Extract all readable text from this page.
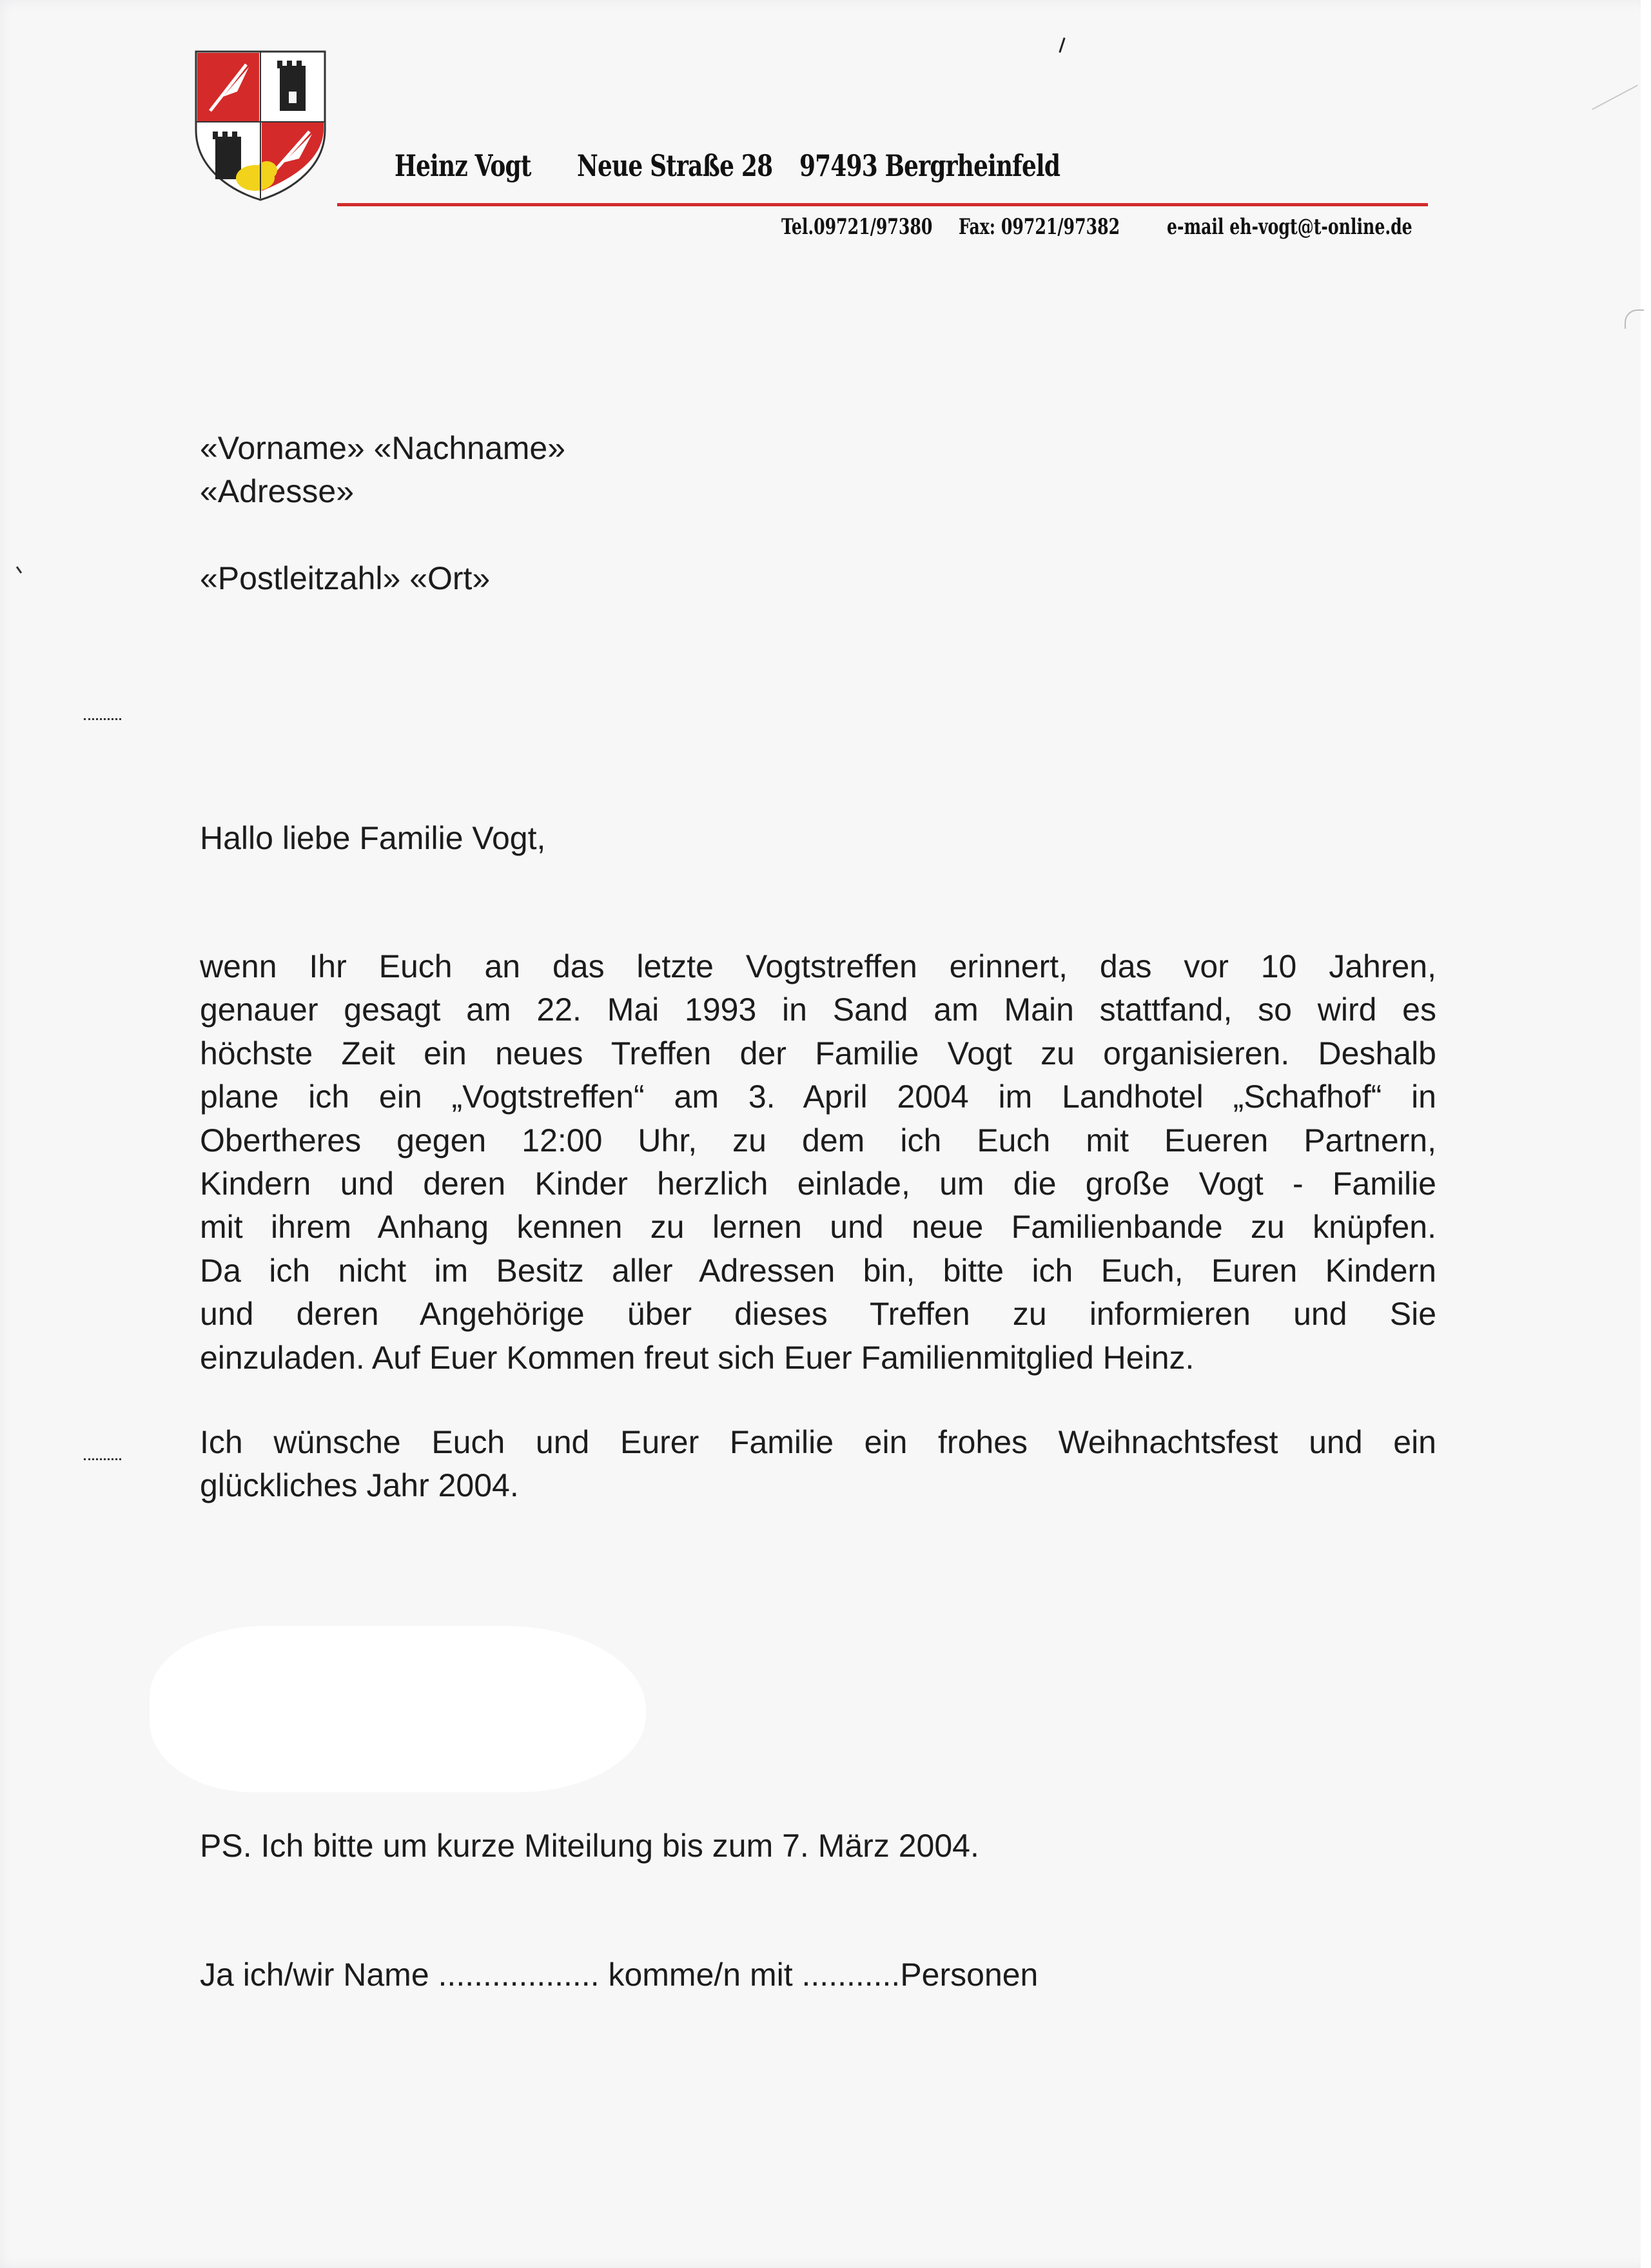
Heinz Vogt Neue Straße 28 97493 Bergrheinfeld
Tel.09721/97380 Fax: 09721/97382 e-mail eh-vogt@t-online.de
«Vorname» «Nachname»
«Adresse»
«Postleitzahl» «Ort»
Hallo liebe Familie Vogt,
wenn Ihr Euch an das letzte Vogtstreffen erinnert, das vor 10 Jahren,
genauer gesagt am 22. Mai 1993 in Sand am Main stattfand, so wird es
höchste Zeit ein neues Treffen der Familie Vogt zu organisieren. Deshalb
plane ich ein „Vogtstreffen“ am 3. April 2004 im Landhotel „Schafhof“ in
Obertheres gegen 12:00 Uhr, zu dem ich Euch mit Eueren Partnern,
Kindern und deren Kinder herzlich einlade, um die große Vogt - Familie
mit ihrem Anhang kennen zu lernen und neue Familienbande zu knüpfen.
Da ich nicht im Besitz aller Adressen bin, bitte ich Euch, Euren Kindern
und deren Angehörige über dieses Treffen zu informieren und Sie
einzuladen. Auf Euer Kommen freut sich Euer Familienmitglied Heinz.
Ich wünsche Euch und Eurer Familie ein frohes Weihnachtsfest und ein
glückliches Jahr 2004.
PS. Ich bitte um kurze Miteilung bis zum 7. März 2004.
Ja ich/wir Name .................. komme/n mit ...........Personen
